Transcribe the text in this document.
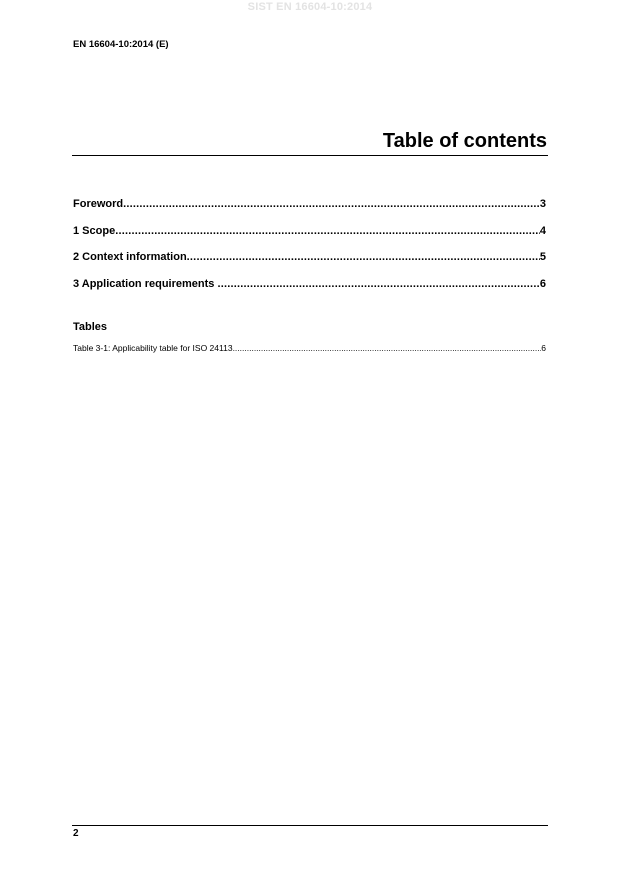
SIST EN 16604-10:2014
EN 16604-10:2014 (E)
Table of contents
Foreword .....	3
1 Scope .....	4
2 Context information .....	5
3 Application requirements .....	6
Tables
Table 3-1: Applicability table for ISO 24113 .....	6
2
